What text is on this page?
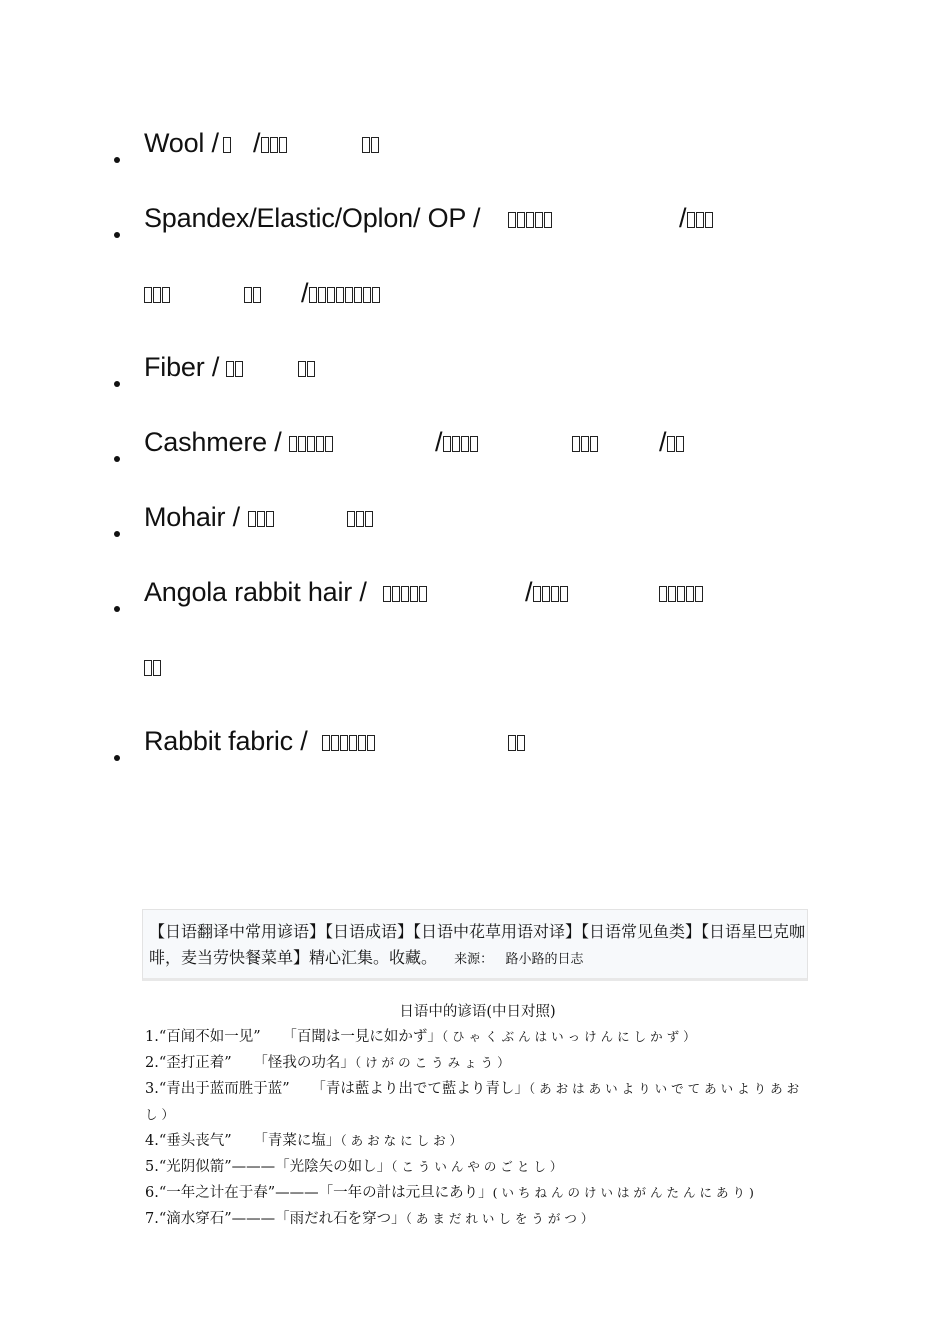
Wool / /
Spandex/Elastic/Oplon/ OP /	/
/
Fiber /
Cashmere /	/	/
Mohair /
Angola rabbit hair /	/
Rabbit fabric /
【日语翻译中常用谚语】【日语成语】【日语中花草用语对译】【日语常见鱼类】【日语星巴克咖啡，麦当劳快餐菜单】精心汇集。收藏。 来源： 路小路的日志
日语中的谚语(中日对照)
1.“百闻不如一见”　　 「百聞は一見に如かず」（ひゃくぶんはいっけんにしかず）
2.“歪打正着”　　 「怪我の功名」（けがのこうみょう）
3.“青出于蓝而胜于蓝”　　 「青は藍より出でて藍より青し」（あおはあいよりいでてあいよりあおし）
4.“垂头丧气”　　 「青菜に塩」（あおなにしお）
5.“光阴似箭”———「光陰矢の如し」（こういんやのごとし）
6.“一年之计在于春”———「一年の計は元旦にあり」(いちねんのけいはがんたんにあり)
7.“滴水穿石”———「雨だれ石を穿つ」（あまだれいしをうがつ）
